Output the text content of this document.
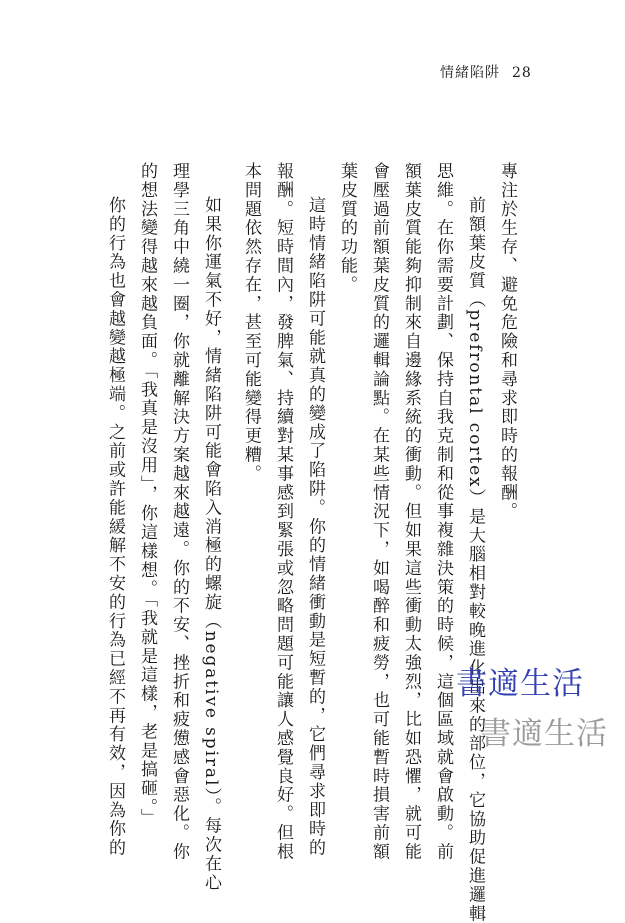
情緒陷阱 28
專注於生存、避免危險和尋求即時的報酬。
前額葉皮質（prefrontal cortex）是大腦相對較晚進化出來的部位，它協助促進邏輯
思維。在你需要計劃、保持自我克制和從事複雜決策的時候，這個區域就會啟動。前
額葉皮質能夠抑制來自邊緣系統的衝動。但如果這些衝動太強烈，比如恐懼，就可能
會壓過前額葉皮質的邏輯論點。在某些情況下，如喝醉和疲勞，也可能暫時損害前額
葉皮質的功能。
這時情緒陷阱可能就真的變成了陷阱。你的情緒衝動是短暫的，它們尋求即時的
報酬。短時間內，發脾氣、持續對某事感到緊張或忽略問題可能讓人感覺良好。但根
本問題依然存在，甚至可能變得更糟。
如果你運氣不好，情緒陷阱可能會陷入消極的螺旋（negative spiral）。每次在心
理學三角中繞一圈，你就離解決方案越來越遠。你的不安、挫折和疲憊感會惡化。你
的想法變得越來越負面。「我真是沒用」，你這樣想。「我就是這樣，老是搞砸。」
你的行為也會越變越極端。之前或許能緩解不安的行為已經不再有效，因為你的	書適生活
書適生活
